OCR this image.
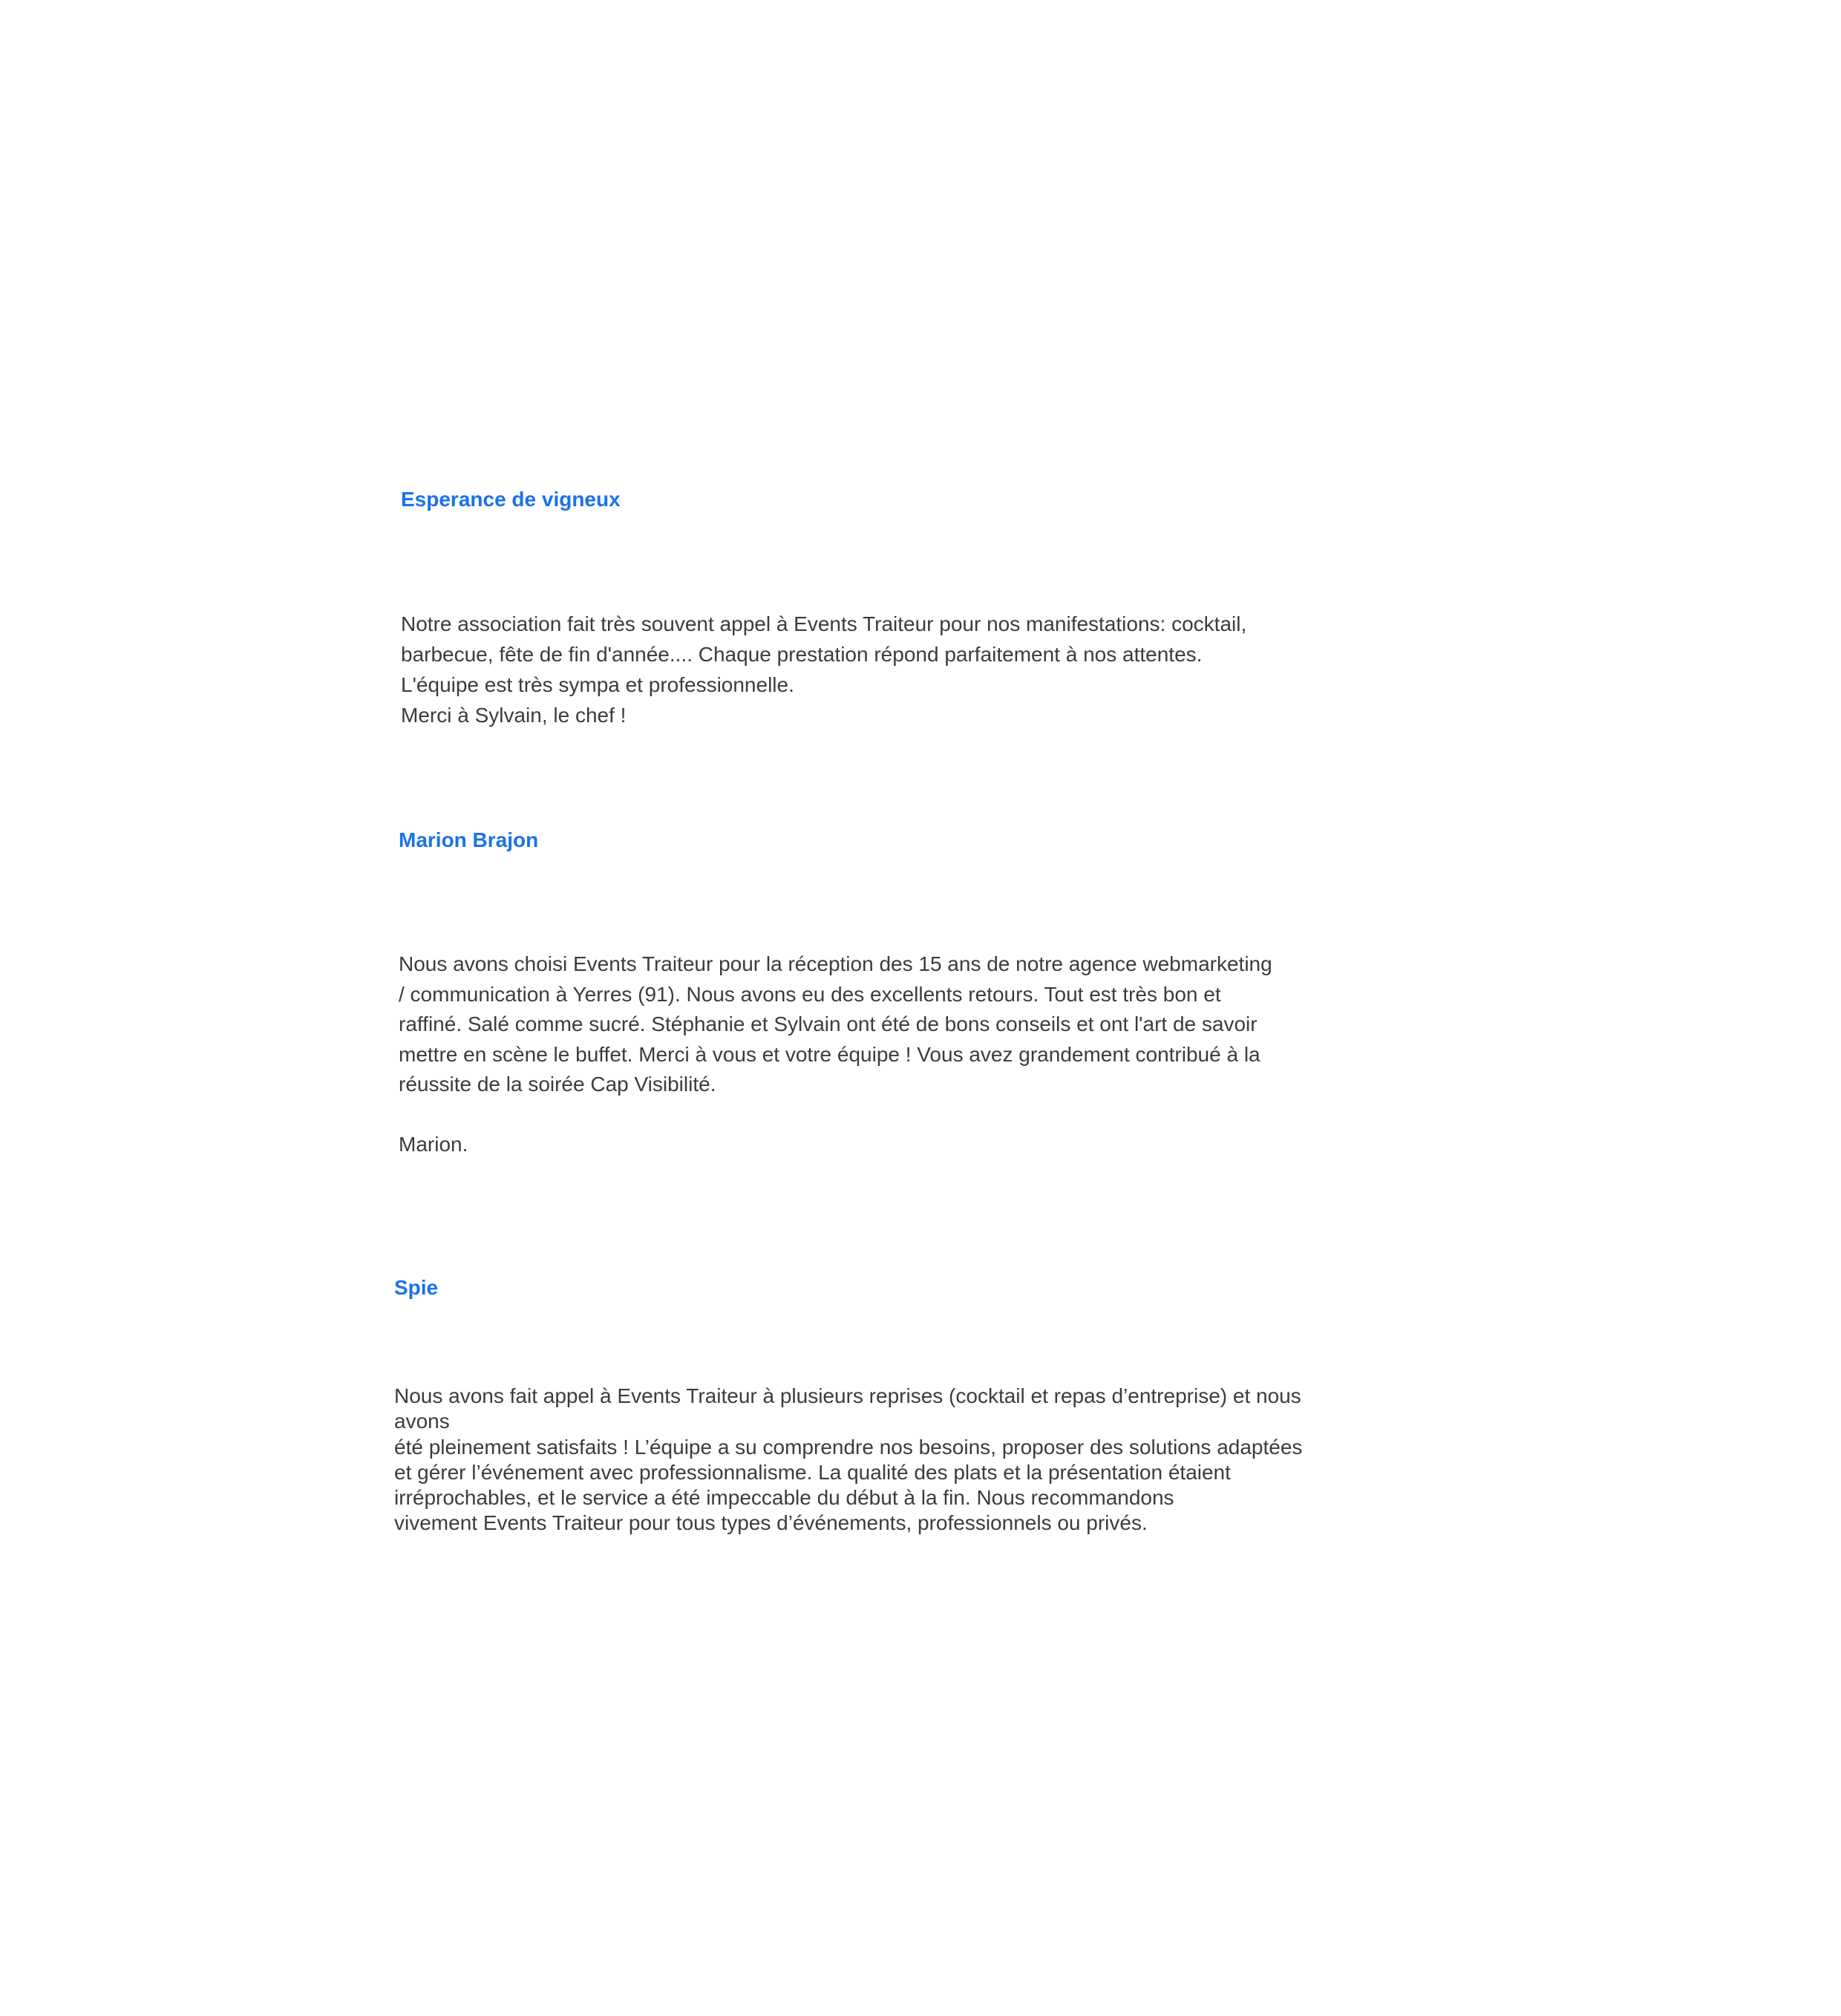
Esperance de vigneux

Notre association fait très souvent appel à Events Traiteur pour nos manifestations: cocktail,
barbecue, fête de fin d'année.... Chaque prestation répond parfaitement à nos attentes.
L'équipe est très sympa et professionnelle.
Merci à Sylvain, le chef !

Marion Brajon

Nous avons choisi Events Traiteur pour la réception des 15 ans de notre agence webmarketing
/ communication à Yerres (91). Nous avons eu des excellents retours. Tout est très bon et
raffiné. Salé comme sucré. Stéphanie et Sylvain ont été de bons conseils et ont l'art de savoir
mettre en scène le buffet. Merci à vous et votre équipe ! Vous avez grandement contribué à la
réussite de la soirée Cap Visibilité.

Marion.

Spie

Nous avons fait appel à Events Traiteur à plusieurs reprises (cocktail et repas d’entreprise) et nous
avons
été pleinement satisfaits ! L’équipe a su comprendre nos besoins, proposer des solutions adaptées
et gérer l’événement avec professionnalisme. La qualité des plats et la présentation étaient
irréprochables, et le service a été impeccable du début à la fin. Nous recommandons
vivement Events Traiteur pour tous types d’événements, professionnels ou privés.
